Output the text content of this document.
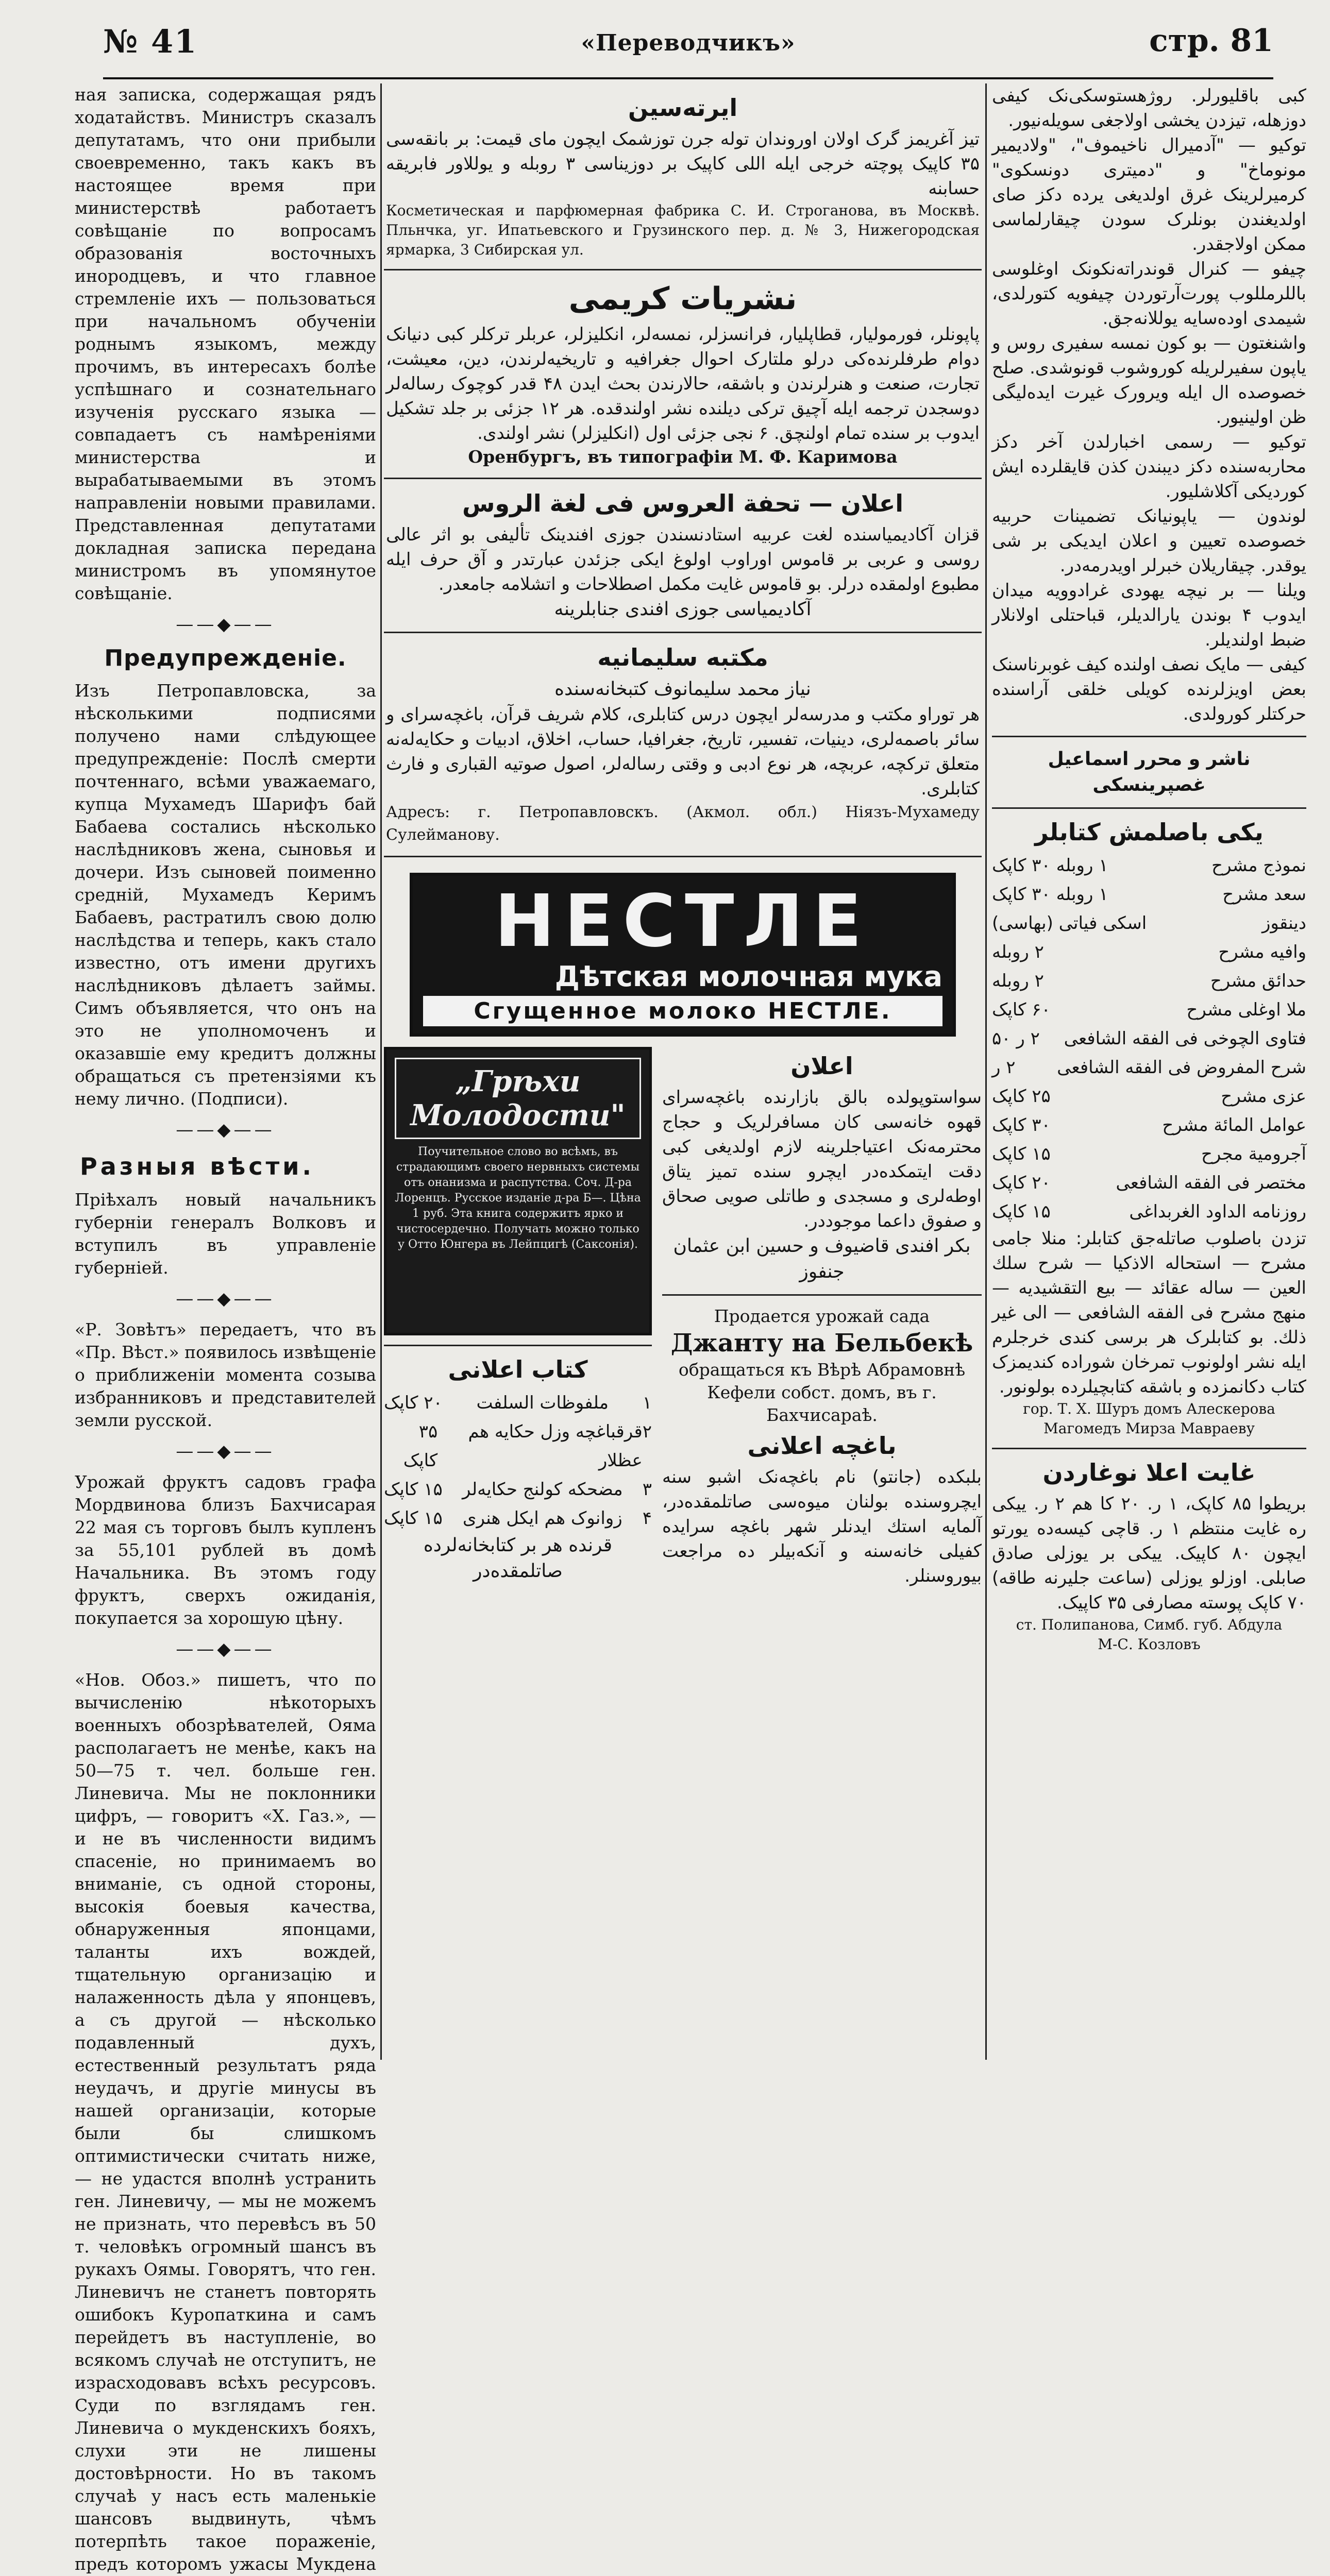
№ 41	«Переводчикъ»	стр. 81

ная записка, содержащая рядъ ходатайствъ. Министръ сказалъ депутатамъ, что они прибыли своевременно, такъ какъ въ настоящее время при министерствѣ работаетъ совѣщаніе по вопросамъ образованія восточныхъ инородцевъ, и что главное стремленіе ихъ — пользоваться при начальномъ обученіи роднымъ языкомъ, между прочимъ, въ интересахъ болѣе успѣшнаго и сознательнаго изученія русскаго языка — совпадаетъ съ намѣреніями министерства и вырабатываемыми въ этомъ направленіи новыми правилами. Представленная депутатами докладная записка передана министромъ въ упомянутое совѣщаніе.

——◆——
Предупрежденіе.

Изъ Петропавловска, за нѣсколькими подписями получено нами слѣдующее предупрежденіе: Послѣ смерти почтеннаго, всѣми уважаемаго, купца Мухамедъ Шарифъ бай Бабаева состались нѣсколько наслѣдниковъ жена, сыновья и дочери. Изъ сыновей поименно среднiй, Мухамедъ Керимъ Бабаевъ, растратилъ свою долю наслѣдства и теперь, какъ стало известно, отъ имени другихъ наслѣдниковъ дѣлаетъ займы. Симъ объявляется, что онъ на это не уполномоченъ и оказавшіе ему кредитъ должны обращаться съ претензіями къ нему лично. (Подписи).

——◆——
Разныя вѣсти.

Пріѣхалъ новый начальникъ губерніи генералъ Волковъ и вступилъ въ управленіе губерніей.

——◆——

«Р. Зовѣтъ» передаетъ, что въ «Пр. Вѣст.» появилось извѣщеніе о приближеніи момента созыва избранниковъ и представителей земли русской.

——◆——

Урожай фруктъ садовъ графа Мордвинова близъ Бахчисарая 22 мая съ торговъ былъ купленъ за 55,101 рублей въ домѣ Начальника. Въ этомъ году фруктъ, сверхъ ожиданія, покупается за хорошую цѣну.

——◆——

«Нов. Обоз.» пишетъ, что по вычисленію нѣкоторыхъ военныхъ обозрѣвателей, Ояма располагаетъ не менѣе, какъ на 50—75 т. чел. больше ген. Линевича. Мы не поклонники цифръ, — говоритъ «Х. Газ.», — и не въ численности видимъ спасеніе, но принимаемъ во вниманіе, съ одной стороны, высокія боевыя качества, обнаруженныя японцами, таланты ихъ вождей, тщательную организацію и налаженность дѣла у японцевъ, а съ другой — нѣсколько подавленный духъ, естественный результатъ ряда неудачъ, и другіе минусы въ нашей организаціи, которые были бы слишкомъ оптимистически считать ниже, — не удастся вполнѣ устранить ген. Линевичу, — мы не можемъ не признать, что перевѣсъ въ 50 т. человѣкъ огромный шансъ въ рукахъ Оямы. Говорятъ, что ген. Линевичъ не станетъ повторять ошибокъ Куропаткина и самъ перейдетъ въ наступленіе, во всякомъ случаѣ не отступитъ, не израсходовавъ всѣхъ ресурсовъ. Суди по взглядамъ ген. Линевича о мукденскихъ бояхъ, слухи эти не лишены достовѣрности. Но въ такомъ случаѣ у насъ есть маленькіе шансовъ выдвинуть, чѣмъ потерпѣть такое пораженіе, предъ которомъ ужасы Мукдена

ایرتەسین

تیز آغریمز گرک اولان اوروندان توله جرن توزشمک ایچون مای قیمت: بر بانقەسی ۳۵ کاپیک پوچته خرجی ایله اللی کاپیک بر دوزیناسی ۳ روبله و یوللاور فابریقە حسابنه

Косметическая и парфюмерная фабрика С. И. Строганова, въ Москвѣ. Пльнчка, уг. Ипатьевского и Грузинского пер. д. № 3, Нижегородская ярмарка, 3 Сибирская ул.

نشریات کریمی

پاپونلر، فورمولیار، قطاپلیار، فرانسزلر، نمسەلر، انکلیزلر، عربلر ترکلر کبی دنیانک دوام طرفلرندەکی درلو ملتارک احوال جغرافیه و تاریخیەلرندن، دین، معیشت، تجارت، صنعت و هنرلرندن و باشقه، حالارندن بحث ایدن ۴۸ قدر کوچوک رسالەلر دوسجدن ترجمه ایله آچیق ترکی دیلنده نشر اولندقده. هر ۱۲ جزئی بر جلد تشکیل ایدوب بر سنده تمام اولنچق. ۶ نجی جزئی اول (انکلیزلر) نشر اولندی.

Оренбургъ, въ типографіи М. Ф. Каримова

اعلان — تحفة العروس فی لغة الروس

قزان آکادیمیاسنده لغت عربیه استادنسندن جوزی افندینک تألیفی بو اثر عالی روسی و عربی بر قاموس اوراوب اولوغ ایکی جزئدن عبارتدر و آق حرف ایله مطبوع اولمقده درلر. بو قاموس غایت مکمل اصطلاحات و اتشلامه جامعدر.

آکادیمیاسی جوزی افندی جنابلرینه

مکتبه سلیمانیه

نیاز محمد سلیمانوف کتبخانەسنده

هر توراو مکتب و مدرسەلر ایچون درس کتابلری، کلام شریف قرآن، باغچەسرای و سائر باصمەلری، دینیات، تفسیر، تاریخ، جغرافیا، حساب، اخلاق، ادبیات و حکایه‌لەنه متعلق ترکچه، عربچه، هر نوع ادبی و وقتی رساله‌لر، اصول صوتیه القباری و فارث کتابلری.

Адресъ: г. Петропавловскъ. (Акмол. обл.) Ніязъ-Мухамеду Сулейманову.

НЕСТЛЕ
Дѣтская молочная мука
Сгущенное молоко НЕСТЛЕ.
„Грѣхи Молодости"
Поучительное слово во всѣмъ, въ страдающимъ своего нервныхъ системы отъ онанизма и распутства. Соч. Д-ра Лоренцъ. Русское изданіе д-ра Б—. Цѣна 1 руб. Эта книга содержитъ ярко и чистосердечно. Получать можно только у Отто Юнгера въ Лейпцигѣ (Саксонія).
کتاب اعلانی
۱
ملفوظات السلفت
۲۰ کاپک
۲
قرقباغچه وزل حکایه هم عظلار
۳۵ کاپک
۳
مضحکه کولنج حکایه‌لر
۱۵ کاپک
۴
زوانوک هم ایکل هنری
۱۵ کاپک

قرنده هر بر کتابخانەلرده صاتلمقده‌در

اعلان

سواستوپولده بالق بازارنده باغچەسرای قهوه خانەسی کان مسافرلریک و حجاج محترمه‌نک اعتیاجلرینه لازم اولدیغی کبی دقت ایتمکده‌در ایچرو سنده تمیز یتاق اوطەلری و مسجدی و طاتلی صویی صحاق و صفوق داعما موجوددر.

بکر افندی قاضیوف و حسین ابن عثمان جنفوز

Продается урожай сада

Джанту на Бельбекѣ

обращаться къ Вѣрѣ Абрамовнѣ Кефели собст. домъ, въ г. Бахчисараѣ.

باغچه اعلانی

بلبکده (جانتو) نام باغچەنک اشبو سنه ایچروسنده بولنان میوەسی صاتلمقده‌در، آلمایه استك ایدنلر شهر باغچه سرایده کفیلی خانەسنه و آنکەبیلر ده مراجعت بیوروسنلر.

کبی باقلیورلر. روژهستوسکی‌نک کیفی دوزهله، تیزدن یخشی اولاجغی سویله‌نیور.

توکیو — "آدمیرال ناخیموف"، "ولادیمیر مونوماخ" و "دمیتری دونسکوی" کرمیرلرینک غرق اولدیغی یرده دکز صای اولدیغندن بونلرک سودن چیقارلماسی ممکن اولاجقدر.

چیفو — کنرال قوندراتەنکونک اوغلوسی باللرمللوب پورت‌آرتوردن چیفویه کتورلدی، شیمدی اوده‌سایه یوللانەجق.

واشنغتون — بو کون نمسه سفیری روس و یاپون سفیرلریله کوروشوب قونوشدی. صلح خصوصده ال ایله ویرورک غیرت ایدەلیگی ظن اولینیور.

توکیو — رسمی اخبارلدن آخر دکز محاربەسنده دکز دیبندن کذن قایقلرده ایش کوردیکی آکلاشلیور.

لوندون — یاپونیانک تضمینات حربیه خصوصده تعیین و اعلان ایدیکی بر شی یوقدر. چیقاریلان خبرلر اویدرمەدر.

ویلنا — بر نیچه یهودی غرادوویه میدان ایدوب ۴ بوندن یارالدیلر، قباحتلی اولانلار ضبط اولندیلر.

کیفی — مایک نصف اولنده کیف غوبرناسنک بعض اویزلرنده کویلی خلقی آراسنده حرکتلر کورولدی.

ناشر و محرر اسماعیل غصپرینسکی

یکی باصلمش کتابلر
نموذج مشرح
۱ روبله ۳۰ کاپک
سعد مشرح
۱ روبله ۳۰ کاپک
دینقوز
اسکی فیاتی (بهاسی)
وافیه مشرح
۲ روبله
حدائق مشرح
۲ روبله
ملا اوغلی مشرح
۶۰ کاپک
فتاوی الچوخی فی الفقه الشافعی
۲ ر ۵۰
شرح المفروض فی الفقه الشافعی
۲ ر
عزی مشرح
۲۵ کاپک
عوامل المائة مشرح
۳۰ کاپک
آجرومیة مجرح
۱۵ کاپک
مختصر فی الفقه الشافعی
۲۰ کاپک
روزنامه الداود الغربداغی
۱۵ کاپک

تزدن باصلوب صاتلەجق کتابلر: منلا جامی مشرح — استحاله الاذکیا — شرح سلك العین — ساله عقائد — بیع التقشیدیه — منهج مشرح فی الفقه الشافعی — الی غیر ذلك. بو کتابلرک هر برسی کندی خرجلرم ایله نشر اولونوب تمرخان شوراده کندیمزک کتاب دکانمزده و باشقه کتابچیلرده بولونور.

гор. Т. Х. Шуръ домъ Алескерова Магомедъ Мирза Мавраеву

غایت اعلا نوغاردن

بریطوا ۸۵ کاپک، ۱ ر. ۲۰ کا هم ۲ ر. ییکی ره غایت منتظم ۱ ر. قاچی کیسەده یورتو ایچون ۸۰ کاپیک. ییکی بر یوزلی صادق صابلی. اوزلو یوزلی (ساعت جلیرنه طاقه) ۷۰ کاپک پوستە مصارفی ۳۵ کاپیک.

ст. Полипанова, Симб. губ. Абдула

М-С. Козловъ
